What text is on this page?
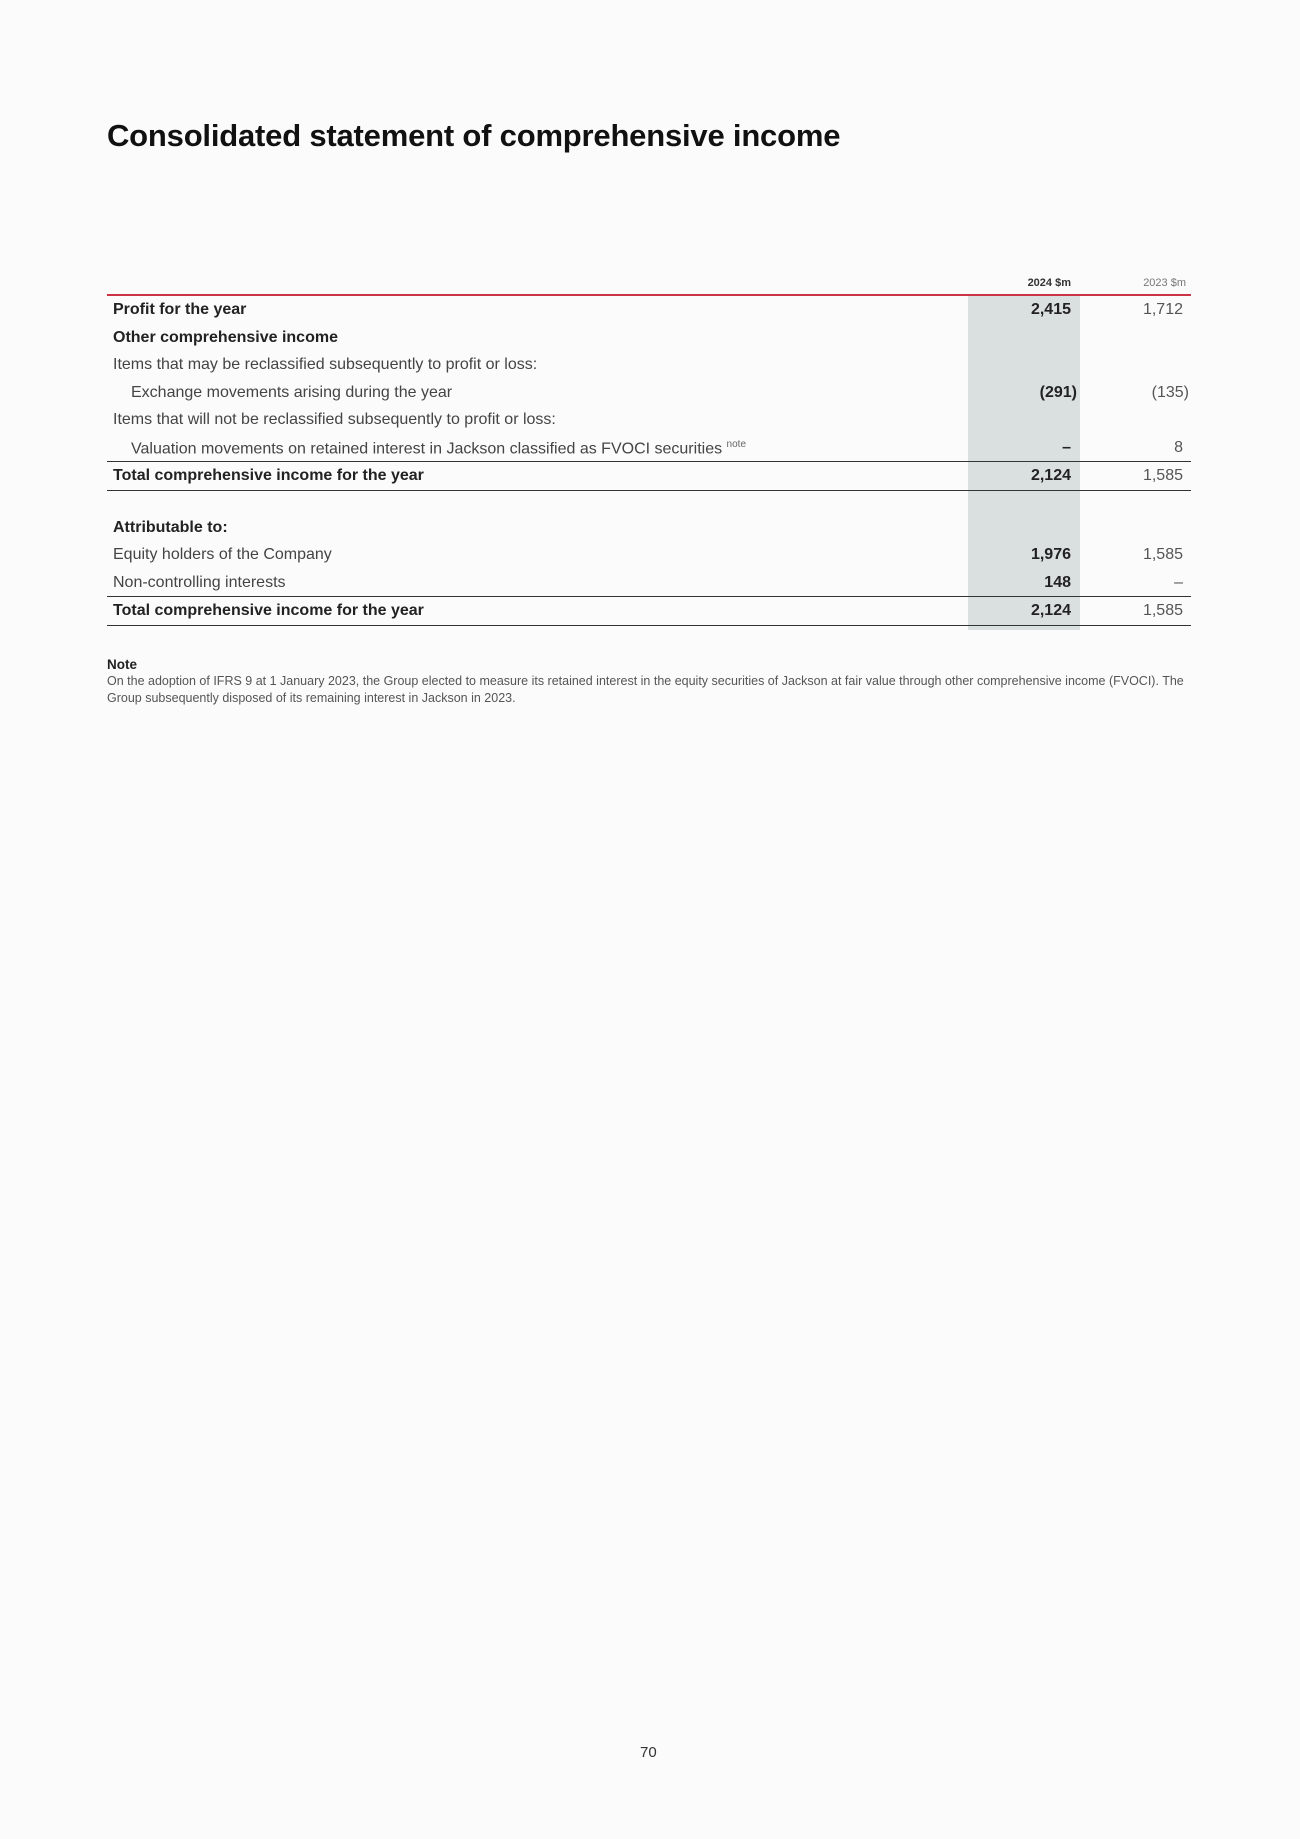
Consolidated statement of comprehensive income
2024 $m	2023 $m
Profit for the year	2,415	1,712
Other comprehensive income
Items that may be reclassified subsequently to profit or loss:
Exchange movements arising during the year	(291)	(135)
Items that will not be reclassified subsequently to profit or loss:
Valuation movements on retained interest in Jackson classified as FVOCI securities $^{note}$	–	8
Total comprehensive income for the year	2,124	1,585
Attributable to:
Equity holders of the Company	1,976	1,585
Non-controlling interests	148	–
Total comprehensive income for the year	2,124	1,585
Note
On the adoption of IFRS 9 at 1 January 2023, the Group elected to measure its retained interest in the equity securities of Jackson at fair value through other comprehensive income (FVOCI). The Group subsequently disposed of its remaining interest in Jackson in 2023.
70
